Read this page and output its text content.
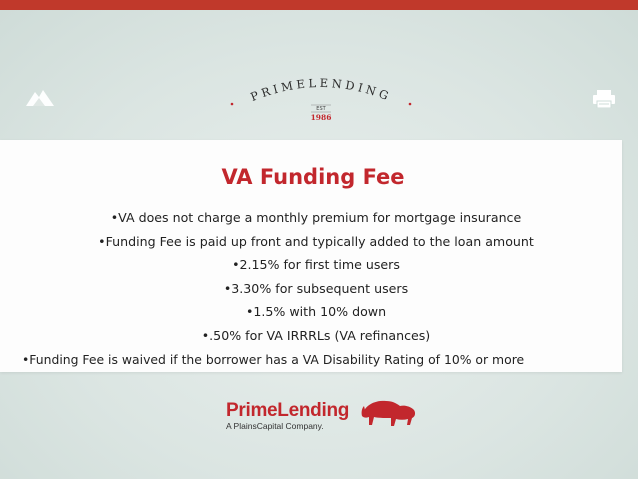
PRIMELENDING
EST
1986
VA Funding Fee
•VA does not charge a monthly premium for mortgage insurance
•Funding Fee is paid up front and typically added to the loan amount
•2.15% for first time users
•3.30% for subsequent users
•1.5% with 10% down
•.50% for VA IRRRLs (VA refinances)
•Funding Fee is waived if the borrower has a VA Disability Rating of 10% or more
PrimeLending
A PlainsCapital Company.
